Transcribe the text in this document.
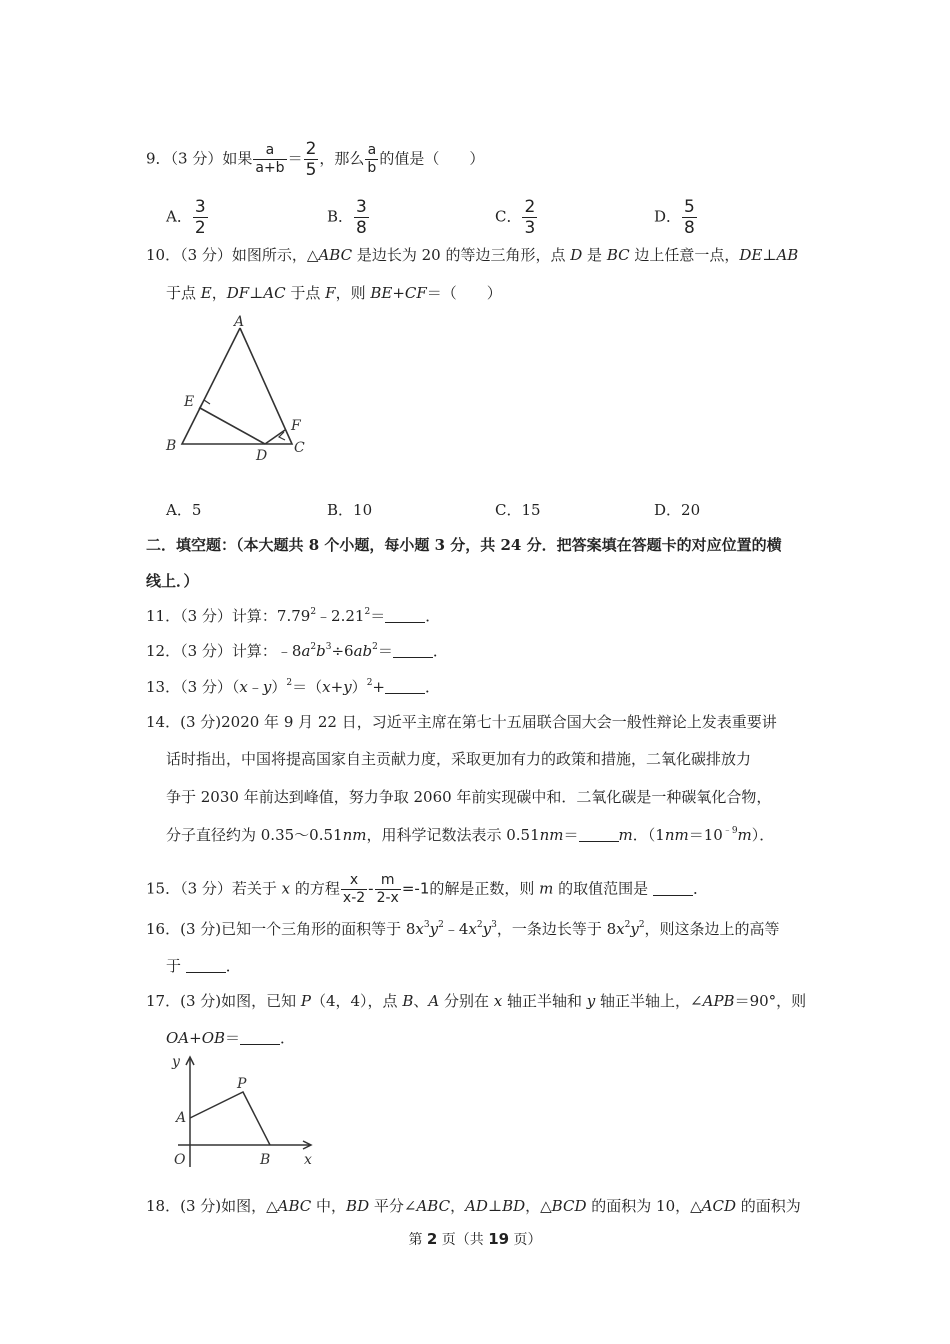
9．（3 分）如果 $\frac{a}{a+b} = \frac{2}{5}$ ，那么 $\frac{a}{b}$ 的值是（　　）
A． $\frac{3}{2}$	B． $\frac{3}{8}$	C． $\frac{2}{3}$	D． $\frac{5}{8}$
10．（3 分）如图所示，△ABC 是边长为 20 的等边三角形，点 D 是 BC 边上任意一点，DE⊥AB
于点 E，DF⊥AC 于点 F，则 BE+CF＝（　　）
A
E
B
D
F
C
A．5	B．10	C．15	D．20
二．填空题：（本大题共 8 个小题，每小题 3 分，共 24 分．把答案填在答题卡的对应位置的横
线上．）
11．（3 分）计算：$7.79^2﹣2.21^2=$	．
12．（3 分）计算：$﹣8a^2b^3\div 6ab^2=$	．
13．（3 分）$(x﹣y)^2=(x+y)^2+$	．
14．(3 分)2020 年 9 月 22 日，习近平主席在第七十五届联合国大会一般性辩论上发表重要讲
话时指出，中国将提高国家自主贡献力度，采取更加有力的政策和措施，二氧化碳排放力
争于 2030 年前达到峰值，努力争取 2060 年前实现碳中和．二氧化碳是一种碳氧化合物，
分子直径约为 0.35～0.51nm，用科学记数法表示 0.51nm＝	m．$(1nm=10^{﹣9}m)$．
15．（3 分）若关于 x 的方程 $\frac{x}{x-2} - \frac{m}{2-x} =-1$的解是正数，则 m 的取值范围是	．
16．(3 分)已知一个三角形的面积等于 $8x^3y^2﹣4x^2y^3$，一条边长等于 $8x^2y^2$，则这条边上的高等
于	．
17．(3 分)如图，已知 P（4，4），点 B、A 分别在 x 轴正半轴和 y 轴正半轴上，∠APB＝90°，则
OA+OB＝	．
y
P
A
O	B x
18．(3 分)如图，△ABC 中，BD 平分∠ABC，AD⊥BD，△BCD 的面积为 10，△ACD 的面积为
第 2 页（共 19 页）
